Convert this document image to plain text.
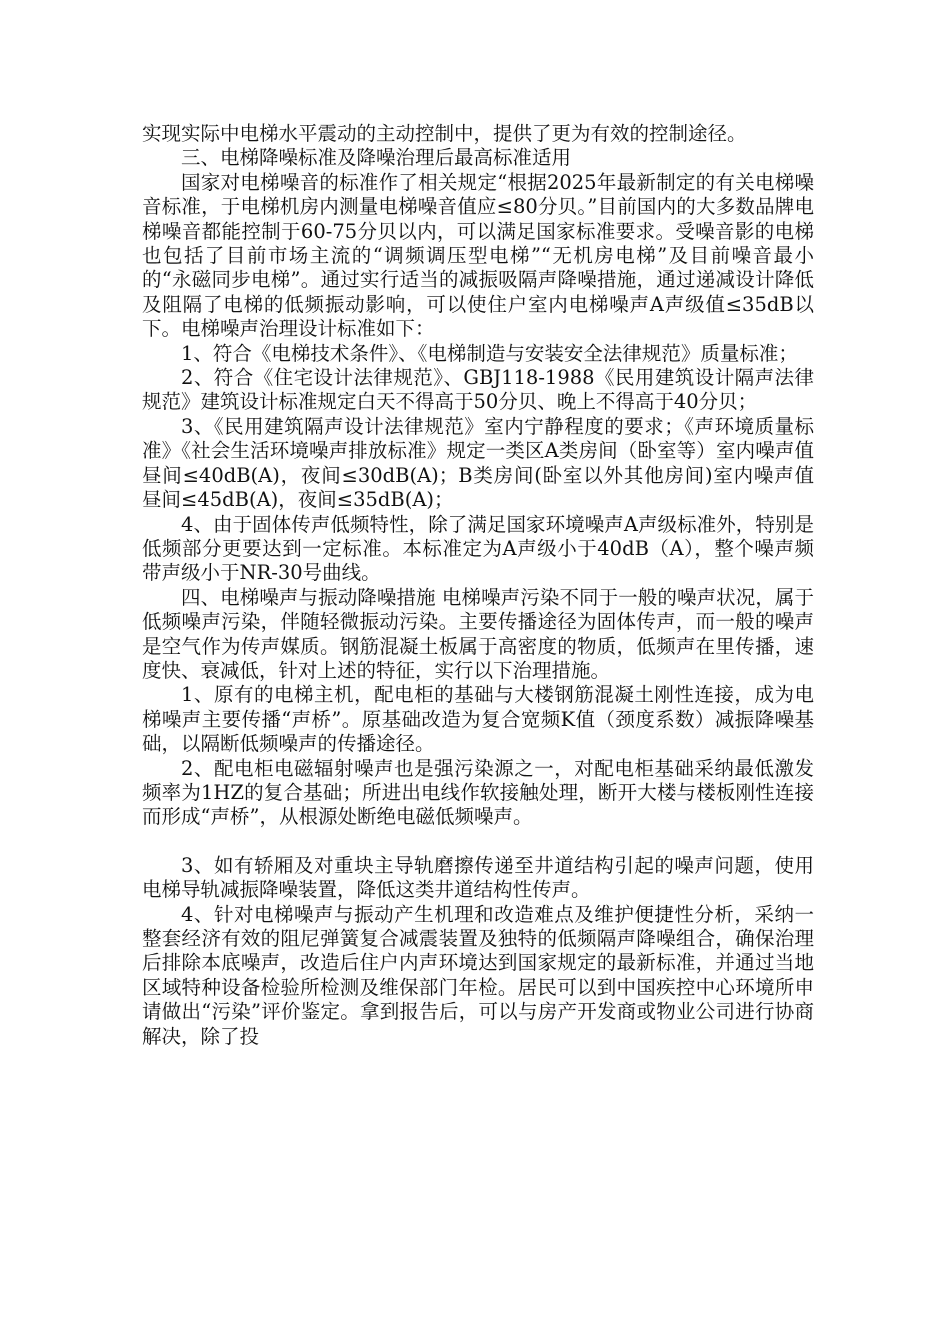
实现实际中电梯水平震动的主动控制中，提供了更为有效的控制途径。

三、电梯降噪标准及降噪治理后最高标准适用

国家对电梯噪音的标准作了相关规定“根据2025年最新制定的有关电梯噪音标准，于电梯机房内测量电梯噪音值应≤80分贝。”目前国内的大多数品牌电梯噪音都能控制于60-75分贝以内，可以满足国家标准要求。受噪音影的电梯也包括了目前市场主流的“调频调压型电梯”“无机房电梯”及目前噪音最小的“永磁同步电梯”。通过实行适当的减振吸隔声降噪措施，通过递减设计降低及阻隔了电梯的低频振动影响，可以使住户室内电梯噪声A声级值≤35dB以下。电梯噪声治理设计标准如下：

1、符合《电梯技术条件》、《电梯制造与安装安全法律规范》质量标准；

2、符合《住宅设计法律规范》、GBJ118-1988《民用建筑设计隔声法律规范》建筑设计标准规定白天不得高于50分贝、晚上不得高于40分贝；

3、《民用建筑隔声设计法律规范》室内宁静程度的要求；《声环境质量标准》《社会生活环境噪声排放标准》规定一类区A类房间（卧室等）室内噪声值昼间≤40dB(A)，夜间≤30dB(A)；B类房间(卧室以外其他房间)室内噪声值昼间≤45dB(A)，夜间≤35dB(A)；

4、由于固体传声低频特性，除了满足国家环境噪声A声级标准外，特别是低频部分更要达到一定标准。本标准定为A声级小于40dB（A），整个噪声频带声级小于NR-30号曲线。

四、电梯噪声与振动降噪措施 电梯噪声污染不同于一般的噪声状况，属于低频噪声污染，伴随轻微振动污染。主要传播途径为固体传声，而一般的噪声是空气作为传声媒质。钢筋混凝土板属于高密度的物质，低频声在里传播，速度快、衰减低，针对上述的特征，实行以下治理措施。

1、原有的电梯主机，配电柜的基础与大楼钢筋混凝土刚性连接，成为电梯噪声主要传播“声桥”。原基础改造为复合宽频K值（颈度系数）减振降噪基础，以隔断低频噪声的传播途径。

2、配电柜电磁辐射噪声也是强污染源之一，对配电柜基础采纳最低激发频率为1HZ的复合基础；所进出电线作软接触处理，断开大楼与楼板刚性连接而形成“声桥”，从根源处断绝电磁低频噪声。

3、如有轿厢及对重块主导轨磨擦传递至井道结构引起的噪声问题，使用电梯导轨减振降噪装置，降低这类井道结构性传声。

4、针对电梯噪声与振动产生机理和改造难点及维护便捷性分析，采纳一整套经济有效的阻尼弹簧复合减震装置及独特的低频隔声降噪组合，确保治理后排除本底噪声，改造后住户内声环境达到国家规定的最新标准，并通过当地区域特种设备检验所检测及维保部门年检。居民可以到中国疾控中心环境所申请做出“污染”评价鉴定。拿到报告后，可以与房产开发商或物业公司进行协商解决，除了投
